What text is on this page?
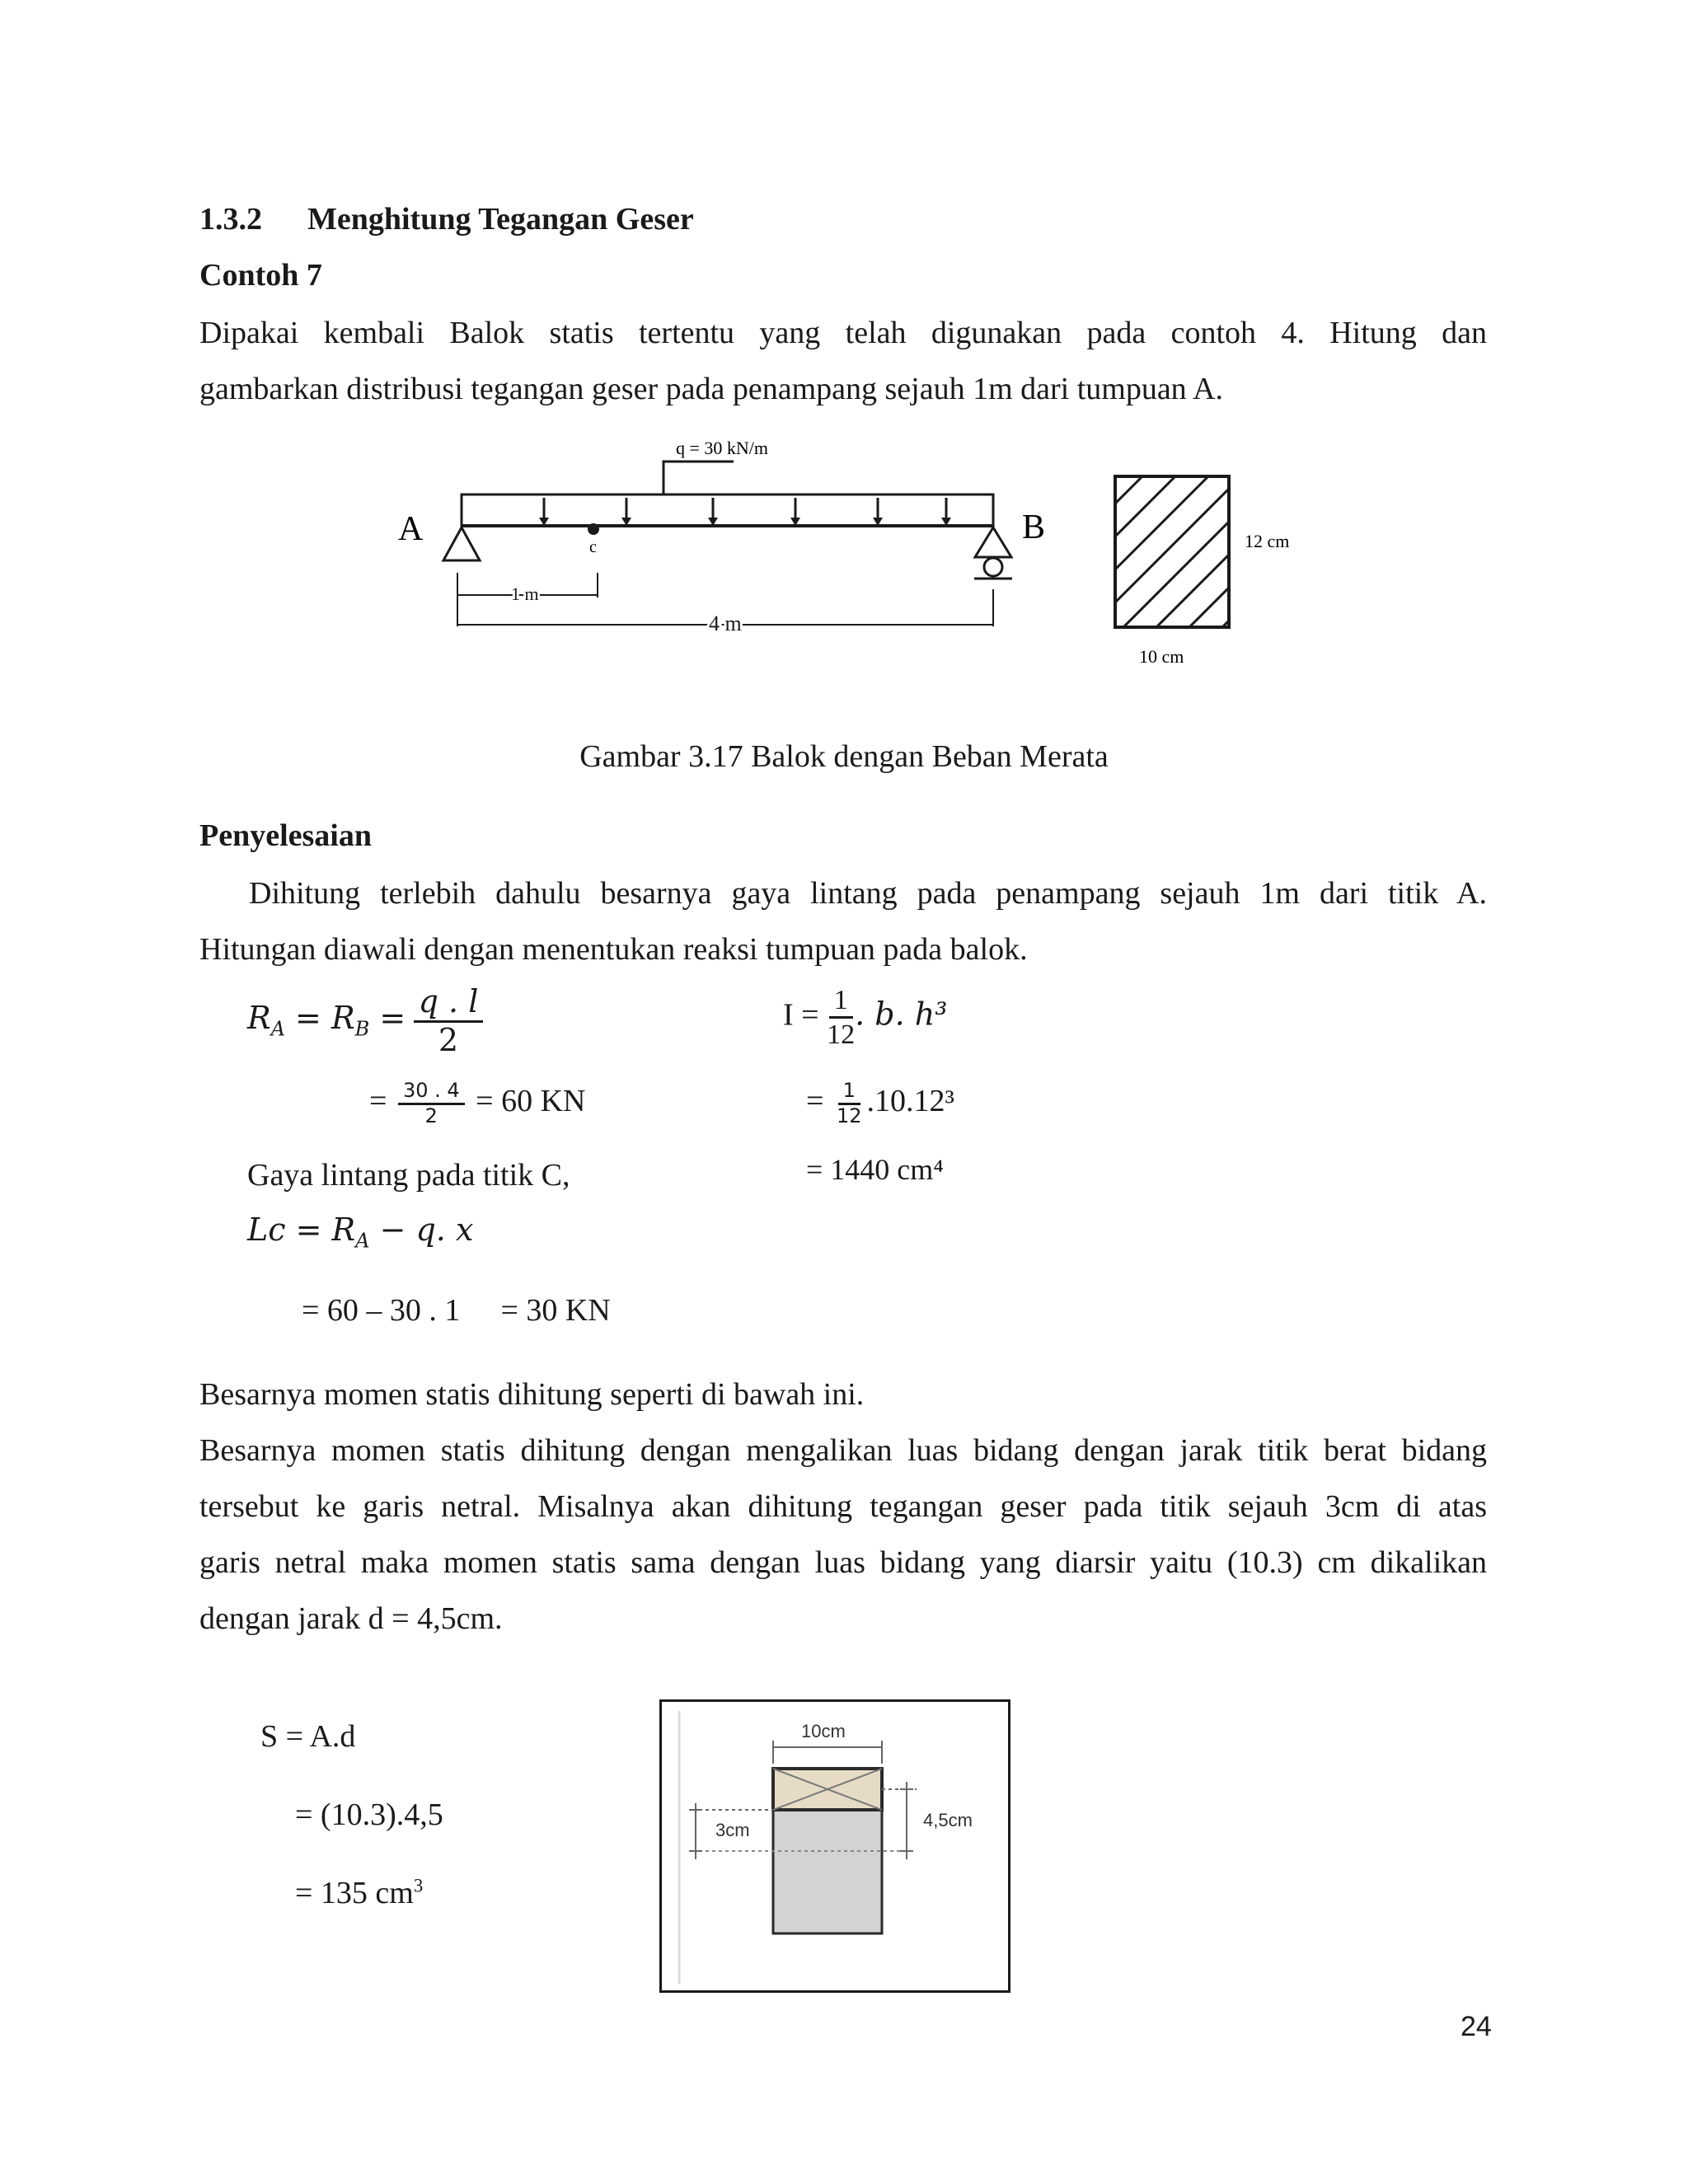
1.3.2 Menghitung Tegangan Geser
Contoh 7
Dipakai kembali Balok statis tertentu yang telah digunakan pada contoh 4. Hitung dan
gambarkan distribusi tegangan geser pada penampang sejauh 1m dari tumpuan A.
q = 30 kN/m
A	c
B
1 m
4 m
12 cm
10 cm
Gambar 3.17 Balok dengan Beban Merata
Penyelesaian
Dihitung terlebih dahulu besarnya gaya lintang pada penampang sejauh 1m dari titik A.
Hitungan diawali dengan menentukan reaksi tumpuan pada balok.
$R_A = R_B = \frac{q . l}{2}$
= $\frac{30 . 4}{2} = 60$ KN
$I = \frac{1}{12}$ . b. h³
= $\frac{1}{12} .10.12^3$
= 1440 cm⁴
Gaya lintang pada titik C,
$Lc = R_A - q$. x
= 60 – 30 . 1 = 30 KN
Besarnya momen statis dihitung seperti di bawah ini.
Besarnya momen statis dihitung dengan mengalikan luas bidang dengan jarak titik berat bidang
tersebut ke garis netral. Misalnya akan dihitung tegangan geser pada titik sejauh 3cm di atas
garis netral maka momen statis sama dengan luas bidang yang diarsir yaitu (10.3) cm dikalikan
dengan jarak d = 4,5cm.
S = A.d
= (10.3).4,5
= 135 $cm^3$
10cm
3cm	4,5cm
24
